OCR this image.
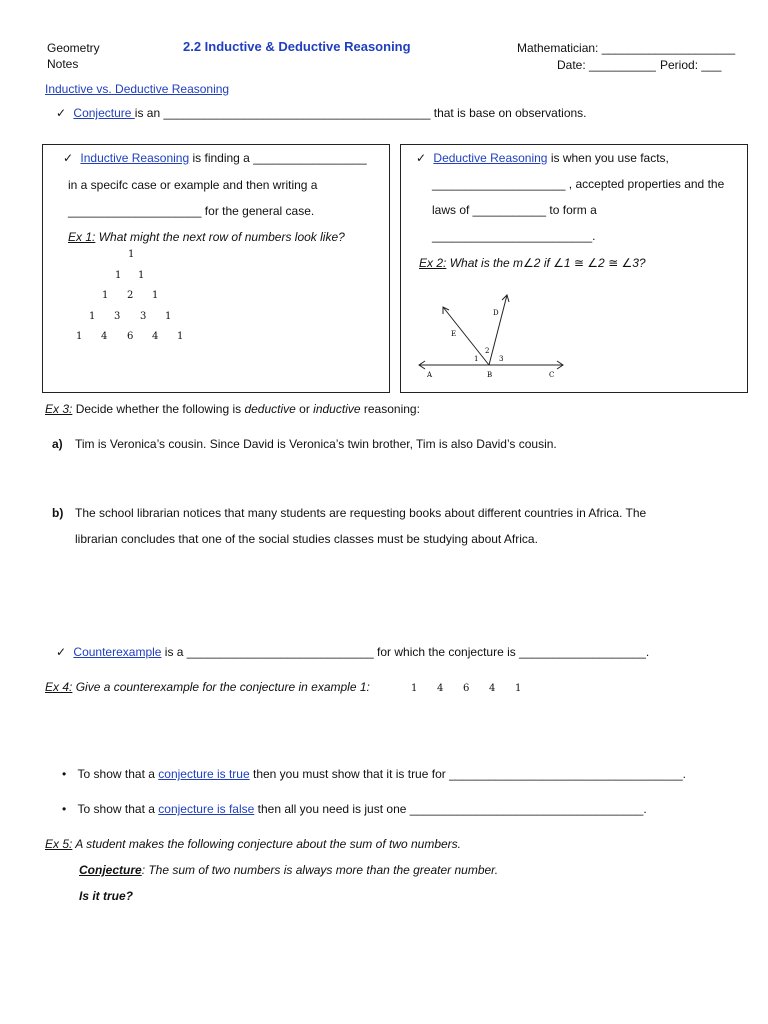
Geometry
Notes
2.2 Inductive & Deductive Reasoning	Mathematician: ____________________
Date: __________ Period: ___
Inductive vs. Deductive Reasoning
✓ Conjecture is an ________________________________________ that is base on observations.
✓ Inductive Reasoning is finding a _________________
in a specifc case or example and then writing a
____________________ for the general case.
Ex 1: What might the next row of numbers look like?
1
1 1
1 2 1
1 3 3 1
1 4 6 4 1
✓ Deductive Reasoning is when you use facts,
____________________ , accepted properties and the
laws of ___________ to form a
________________________.
Ex 2: What is the m∠2 if ∠1 ≅ ∠2 ≅ ∠3?
A	B	C
D
E
1
2
3
Ex 3: Decide whether the following is deductive or inductive reasoning:
a) Tim is Veronica’s cousin. Since David is Veronica’s twin brother, Tim is also David’s cousin.
b) The school librarian notices that many students are requesting books about different countries in Africa. The
librarian concludes that one of the social studies classes must be studying about Africa.
✓ Counterexample is a ____________________________ for which the conjecture is ___________________.
Ex 4: Give a counterexample for the conjecture in example 1:	1 4 6 4 1
• To show that a conjecture is true then you must show that it is true for ___________________________________.
• To show that a conjecture is false then all you need is just one ___________________________________.
Ex 5: A student makes the following conjecture about the sum of two numbers.
Conjecture: The sum of two numbers is always more than the greater number.
Is it true?
